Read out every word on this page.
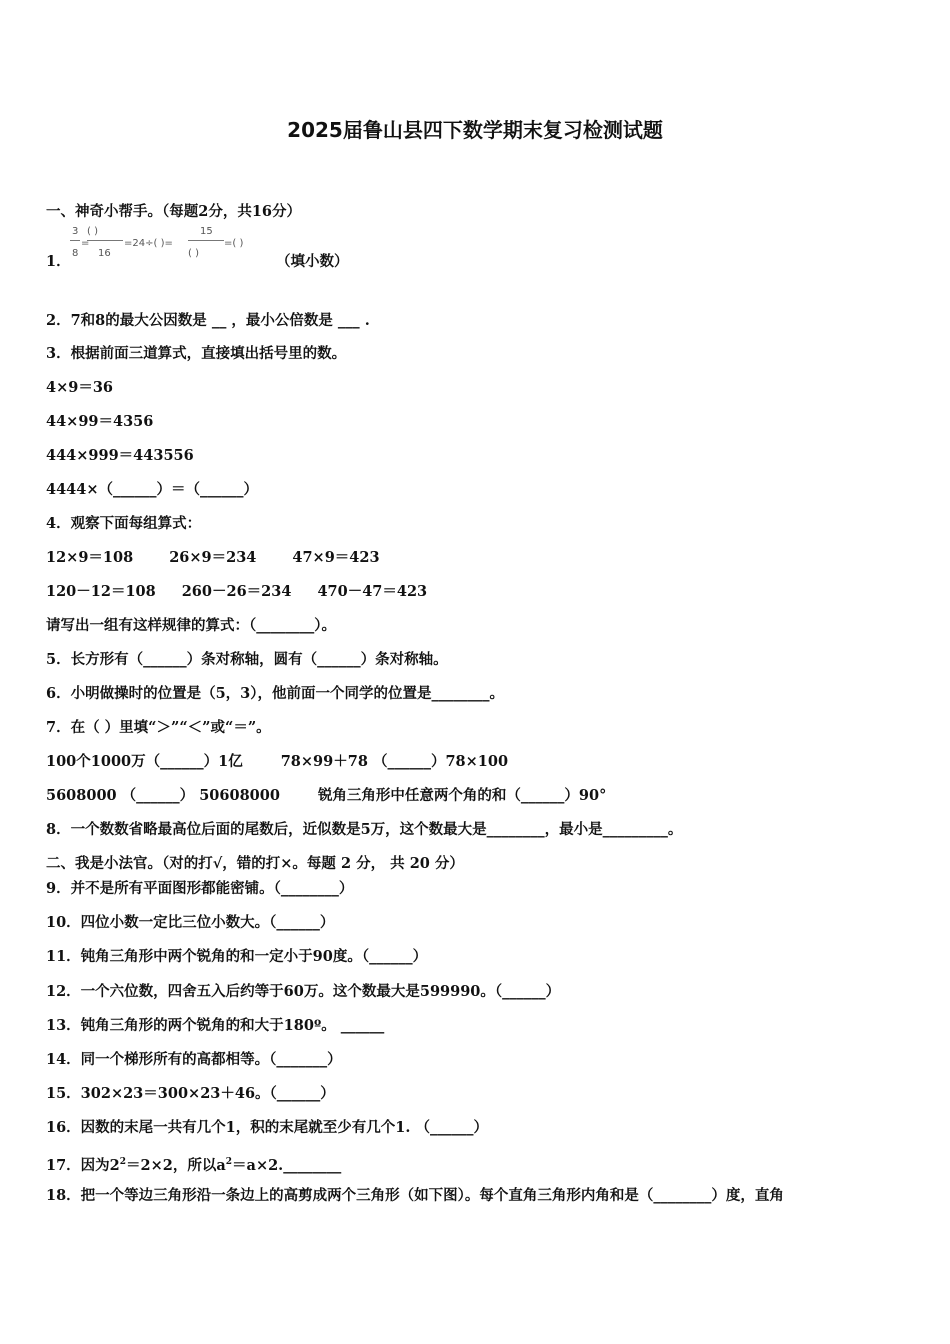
2025届鲁山县四下数学期末复习检测试题
一、神奇小帮手。（每题2分，共16分）
1．
3
8
=
( )
16
=24÷( )=
15
( )
=( )
（填小数）
2．7和8的最大公因数是 __ ，最小公倍数是 ___ .
3．根据前面三道算式，直接填出括号里的数。
4×9＝36
44×99＝4356
444×999＝443556
4444×（______）＝（______）
4．观察下面每组算式：
12×9＝108 26×9＝234 47×9＝423
120－12＝108 260－26＝234 470－47＝423
请写出一组有这样规律的算式：（________）。
5．长方形有（______）条对称轴，圆有（______）条对称轴。
6．小明做操时的位置是（5，3），他前面一个同学的位置是________。
7．在（ ）里填“＞”“＜”或“＝”。
100个1000万（______）1亿	78×99＋78 （______）78×100
5608000 （______） 50608000	锐角三角形中任意两个角的和（______）90°
8．一个数数省略最高位后面的尾数后，近似数是5万，这个数最大是________，最小是_________。
二、我是小法官。（对的打√，错的打×。每题 2 分， 共 20 分）
9．并不是所有平面图形都能密铺。（________）
10．四位小数一定比三位小数大。（______）
11．钝角三角形中两个锐角的和一定小于90度。（______）
12．一个六位数，四舍五入后约等于60万。这个数最大是599990。（______）
13．钝角三角形的两个锐角的和大于180º。 ______
14．同一个梯形所有的高都相等。（_______）
15．302×23＝300×23＋46。（______）
16．因数的末尾一共有几个1，积的末尾就至少有几个1. （______）
17．因为$2^2=2\times 2$，所以$a^2=a\times 2.\_\_\_\_\_\_\_\_$
18．把一个等边三角形沿一条边上的高剪成两个三角形（如下图）。每个直角三角形内角和是（________）度，直角
